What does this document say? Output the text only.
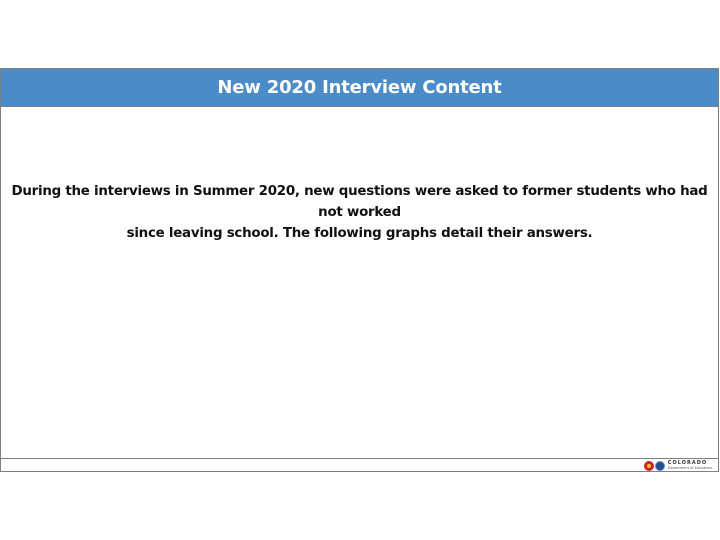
New 2020 Interview Content
During the interviews in Summer 2020, new questions were asked to former students who had not worked
since leaving school. The following graphs detail their answers.
COLORADO
Department of Education
